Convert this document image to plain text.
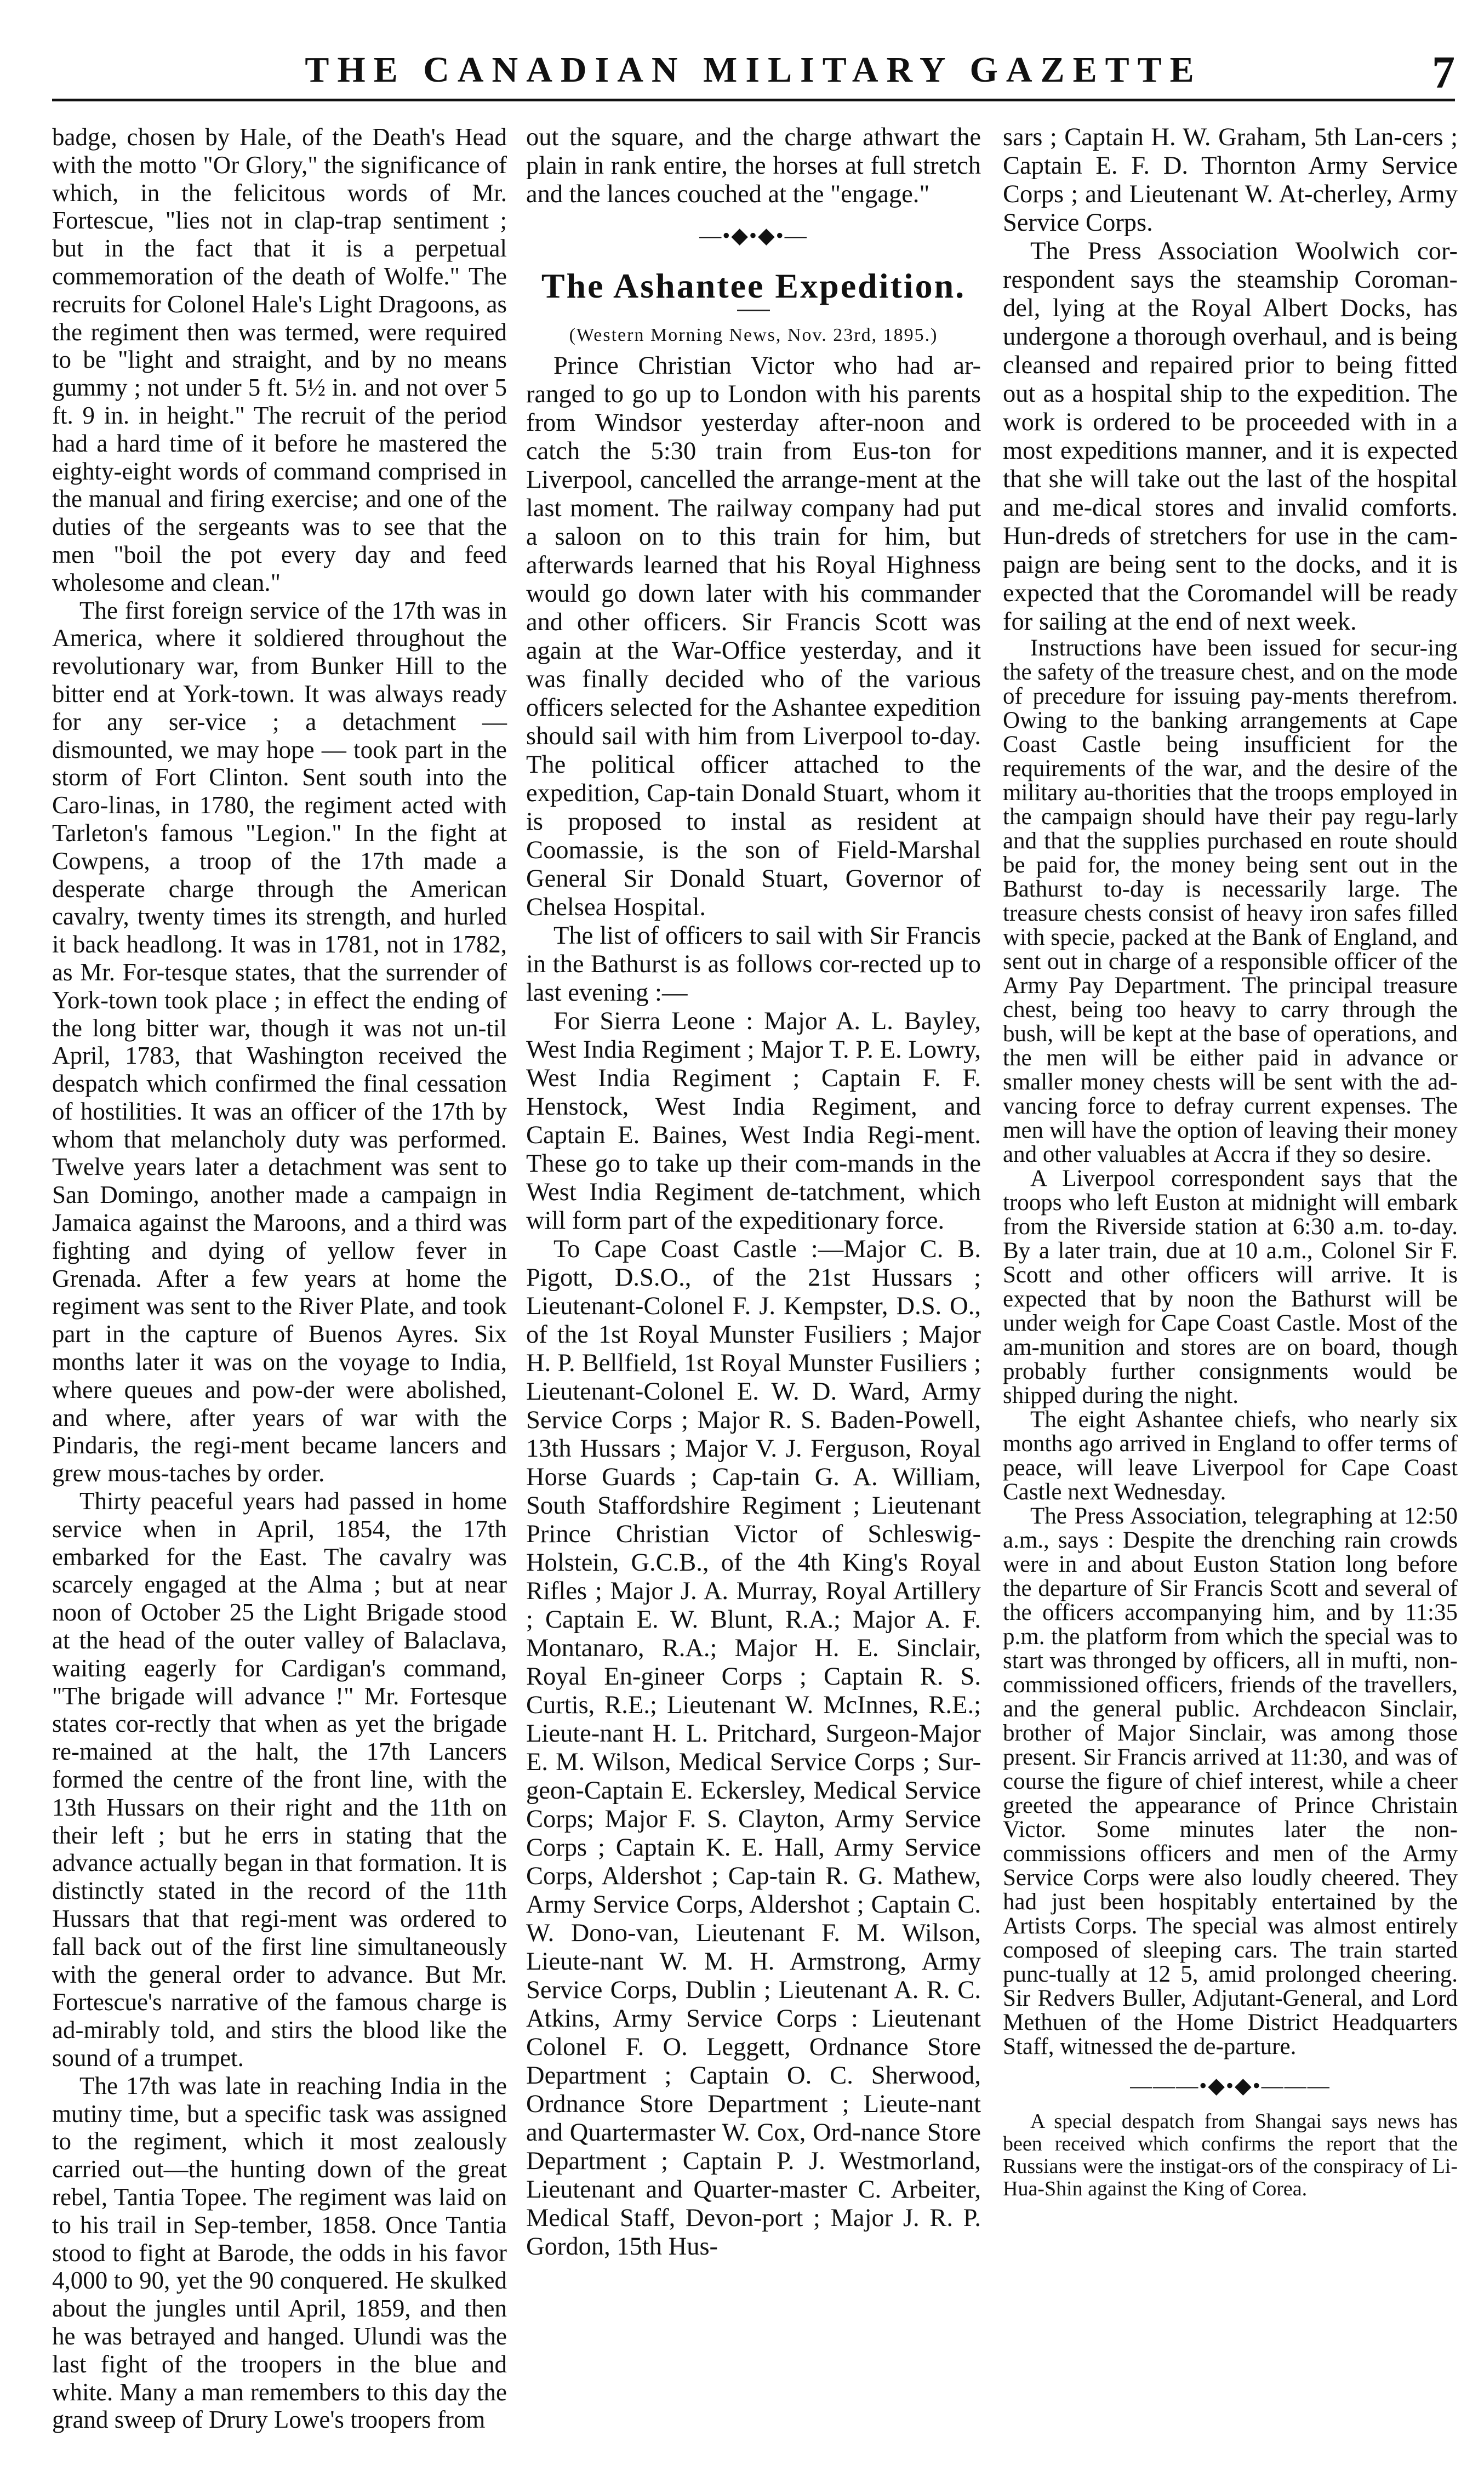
THE CANADIAN MILITARY GAZETTE	7

badge, chosen by Hale, of the Death's Head with the motto "Or Glory," the significance of which, in the felicitous words of Mr. Fortescue, "lies not in clap-trap sentiment ; but in the fact that it is a perpetual commemoration of the death of Wolfe." The recruits for Colonel Hale's Light Dragoons, as the regiment then was termed, were required to be "light and straight, and by no means gummy ; not under 5 ft. 5½ in. and not over 5 ft. 9 in. in height." The recruit of the period had a hard time of it before he mastered the eighty-eight words of command comprised in the manual and firing exercise; and one of the duties of the sergeants was to see that the men "boil the pot every day and feed wholesome and clean."

The first foreign service of the 17th was in America, where it soldiered throughout the revolutionary war, from Bunker Hill to the bitter end at York-town. It was always ready for any ser-vice ; a detachment — dismounted, we may hope — took part in the storm of Fort Clinton. Sent south into the Caro-linas, in 1780, the regiment acted with Tarleton's famous "Legion." In the fight at Cowpens, a troop of the 17th made a desperate charge through the American cavalry, twenty times its strength, and hurled it back headlong. It was in 1781, not in 1782, as Mr. For-tesque states, that the surrender of York-town took place ; in effect the ending of the long bitter war, though it was not un-til April, 1783, that Washington received the despatch which confirmed the final cessation of hostilities. It was an officer of the 17th by whom that melancholy duty was performed. Twelve years later a detachment was sent to San Domingo, another made a campaign in Jamaica against the Maroons, and a third was fighting and dying of yellow fever in Grenada. After a few years at home the regiment was sent to the River Plate, and took part in the capture of Buenos Ayres. Six months later it was on the voyage to India, where queues and pow-der were abolished, and where, after years of war with the Pindaris, the regi-ment became lancers and grew mous-taches by order.

Thirty peaceful years had passed in home service when in April, 1854, the 17th embarked for the East. The cavalry was scarcely engaged at the Alma ; but at near noon of October 25 the Light Brigade stood at the head of the outer valley of Balaclava, waiting eagerly for Cardigan's command, "The brigade will advance !" Mr. Fortesque states cor-rectly that when as yet the brigade re-mained at the halt, the 17th Lancers formed the centre of the front line, with the 13th Hussars on their right and the 11th on their left ; but he errs in stating that the advance actually began in that formation. It is distinctly stated in the record of the 11th Hussars that that regi-ment was ordered to fall back out of the first line simultaneously with the general order to advance. But Mr. Fortescue's narrative of the famous charge is ad-mirably told, and stirs the blood like the sound of a trumpet.

The 17th was late in reaching India in the mutiny time, but a specific task was assigned to the regiment, which it most zealously carried out—the hunting down of the great rebel, Tantia Topee. The regiment was laid on to his trail in Sep-tember, 1858. Once Tantia stood to fight at Barode, the odds in his favor 4,000 to 90, yet the 90 conquered. He skulked about the jungles until April, 1859, and then he was betrayed and hanged. Ulundi was the last fight of the troopers in the blue and white. Many a man remembers to this day the grand sweep of Drury Lowe's troopers from

out the square, and the charge athwart the plain in rank entire, the horses at full stretch and the lances couched at the "engage."

—•◆•◆•—
The Ashantee Expedition.

(Western Morning News, Nov. 23rd, 1895.)

Prince Christian Victor who had ar-ranged to go up to London with his parents from Windsor yesterday after-noon and catch the 5:30 train from Eus-ton for Liverpool, cancelled the arrange-ment at the last moment. The railway company had put a saloon on to this train for him, but afterwards learned that his Royal Highness would go down later with his commander and other officers. Sir Francis Scott was again at the War-Office yesterday, and it was finally decided who of the various officers selected for the Ashantee expedition should sail with him from Liverpool to-day. The political officer attached to the expedition, Cap-tain Donald Stuart, whom it is proposed to instal as resident at Coomassie, is the son of Field-Marshal General Sir Donald Stuart, Governor of Chelsea Hospital.

The list of officers to sail with Sir Francis in the Bathurst is as follows cor-rected up to last evening :—

For Sierra Leone : Major A. L. Bayley, West India Regiment ; Major T. P. E. Lowry, West India Regiment ; Captain F. F. Henstock, West India Regiment, and Captain E. Baines, West India Regi-ment. These go to take up their com-mands in the West India Regiment de-tatchment, which will form part of the expeditionary force.

To Cape Coast Castle :—Major C. B. Pigott, D.S.O., of the 21st Hussars ; Lieutenant-Colonel F. J. Kempster, D.S. O., of the 1st Royal Munster Fusiliers ; Major H. P. Bellfield, 1st Royal Munster Fusiliers ; Lieutenant-Colonel E. W. D. Ward, Army Service Corps ; Major R. S. Baden-Powell, 13th Hussars ; Major V. J. Ferguson, Royal Horse Guards ; Cap-tain G. A. William, South Staffordshire Regiment ; Lieutenant Prince Christian Victor of Schleswig-Holstein, G.C.B., of the 4th King's Royal Rifles ; Major J. A. Murray, Royal Artillery ; Captain E. W. Blunt, R.A.; Major A. F. Montanaro, R.A.; Major H. E. Sinclair, Royal En-gineer Corps ; Captain R. S. Curtis, R.E.; Lieutenant W. McInnes, R.E.; Lieute-nant H. L. Pritchard, Surgeon-Major E. M. Wilson, Medical Service Corps ; Sur-geon-Captain E. Eckersley, Medical Service Corps; Major F. S. Clayton, Army Service Corps ; Captain K. E. Hall, Army Service Corps, Aldershot ; Cap-tain R. G. Mathew, Army Service Corps, Aldershot ; Captain C. W. Dono-van, Lieutenant F. M. Wilson, Lieute-nant W. M. H. Armstrong, Army Service Corps, Dublin ; Lieutenant A. R. C. Atkins, Army Service Corps : Lieutenant Colonel F. O. Leggett, Ordnance Store Department ; Captain O. C. Sherwood, Ordnance Store Department ; Lieute-nant and Quartermaster W. Cox, Ord-nance Store Department ; Captain P. J. Westmorland, Lieutenant and Quarter-master C. Arbeiter, Medical Staff, Devon-port ; Major J. R. P. Gordon, 15th Hus-

sars ; Captain H. W. Graham, 5th Lan-cers ; Captain E. F. D. Thornton Army Service Corps ; and Lieutenant W. At-cherley, Army Service Corps.

The Press Association Woolwich cor-respondent says the steamship Coroman-del, lying at the Royal Albert Docks, has undergone a thorough overhaul, and is being cleansed and repaired prior to being fitted out as a hospital ship to the expedition. The work is ordered to be proceeded with in a most expeditions manner, and it is expected that she will take out the last of the hospital and me-dical stores and invalid comforts. Hun-dreds of stretchers for use in the cam-paign are being sent to the docks, and it is expected that the Coromandel will be ready for sailing at the end of next week.

Instructions have been issued for secur-ing the safety of the treasure chest, and on the mode of precedure for issuing pay-ments therefrom. Owing to the banking arrangements at Cape Coast Castle being insufficient for the requirements of the war, and the desire of the military au-thorities that the troops employed in the campaign should have their pay regu-larly and that the supplies purchased en route should be paid for, the money being sent out in the Bathurst to-day is necessarily large. The treasure chests consist of heavy iron safes filled with specie, packed at the Bank of England, and sent out in charge of a responsible officer of the Army Pay Department. The principal treasure chest, being too heavy to carry through the bush, will be kept at the base of operations, and the men will be either paid in advance or smaller money chests will be sent with the ad-vancing force to defray current expenses. The men will have the option of leaving their money and other valuables at Accra if they so desire.

A Liverpool correspondent says that the troops who left Euston at midnight will embark from the Riverside station at 6:30 a.m. to-day. By a later train, due at 10 a.m., Colonel Sir F. Scott and other officers will arrive. It is expected that by noon the Bathurst will be under weigh for Cape Coast Castle. Most of the am-munition and stores are on board, though probably further consignments would be shipped during the night.

The eight Ashantee chiefs, who nearly six months ago arrived in England to offer terms of peace, will leave Liverpool for Cape Coast Castle next Wednesday.

The Press Association, telegraphing at 12:50 a.m., says : Despite the drenching rain crowds were in and about Euston Station long before the departure of Sir Francis Scott and several of the officers accompanying him, and by 11:35 p.m. the platform from which the special was to start was thronged by officers, all in mufti, non-commissioned officers, friends of the travellers, and the general public. Archdeacon Sinclair, brother of Major Sinclair, was among those present. Sir Francis arrived at 11:30, and was of course the figure of chief interest, while a cheer greeted the appearance of Prince Christain Victor. Some minutes later the non-commissions officers and men of the Army Service Corps were also loudly cheered. They had just been hospitably entertained by the Artists Corps. The special was almost entirely composed of sleeping cars. The train started punc-tually at 12 5, amid prolonged cheering. Sir Redvers Buller, Adjutant-General, and Lord Methuen of the Home District Headquarters Staff, witnessed the de-parture.

———•◆•◆•———

A special despatch from Shangai says news has been received which confirms the report that the Russians were the instigat-ors of the conspiracy of Li-Hua-Shin against the King of Corea.
